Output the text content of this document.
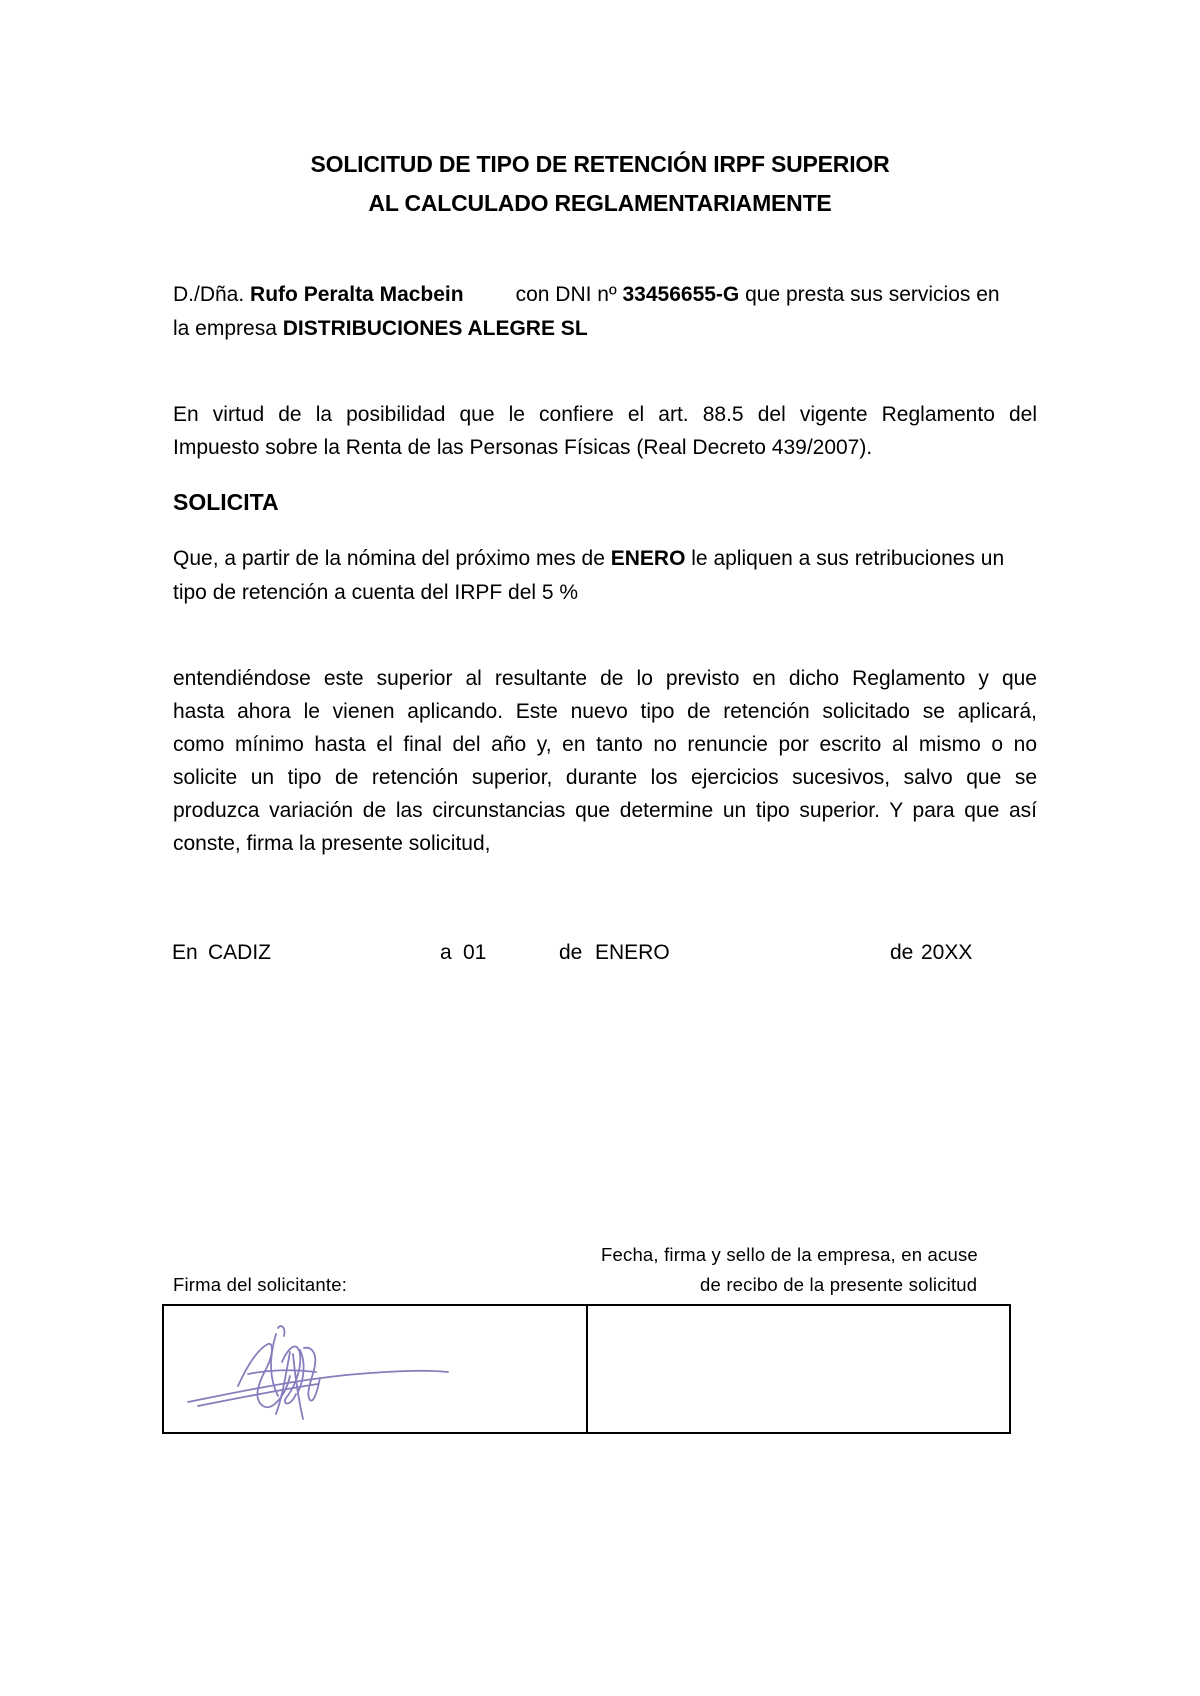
SOLICITUD DE TIPO DE RETENCIÓN IRPF SUPERIOR
AL CALCULADO REGLAMENTARIAMENTE
D./Dña. Rufo Peralta Macbein con DNI nº 33456655-G que presta sus servicios en
la empresa DISTRIBUCIONES ALEGRE SL
En virtud de la posibilidad que le confiere el art. 88.5 del vigente Reglamento del
Impuesto sobre la Renta de las Personas Físicas (Real Decreto 439/2007).
SOLICITA
Que, a partir de la nómina del próximo mes de ENERO le apliquen a sus retribuciones un
tipo de retención a cuenta del IRPF del 5 %
entendiéndose este superior al resultante de lo previsto en dicho Reglamento y que
hasta ahora le vienen aplicando. Este nuevo tipo de retención solicitado se aplicará,
como mínimo hasta el final del año y, en tanto no renuncie por escrito al mismo o no
solicite un tipo de retención superior, durante los ejercicios sucesivos, salvo que se
produzca variación de las circunstancias que determine un tipo superior. Y para que así
conste, firma la presente solicitud,
En CADIZ	a 01	de ENERO	de 20XX
Fecha, firma y sello de la empresa, en acuse
Firma del solicitante:	de recibo de la presente solicitud
